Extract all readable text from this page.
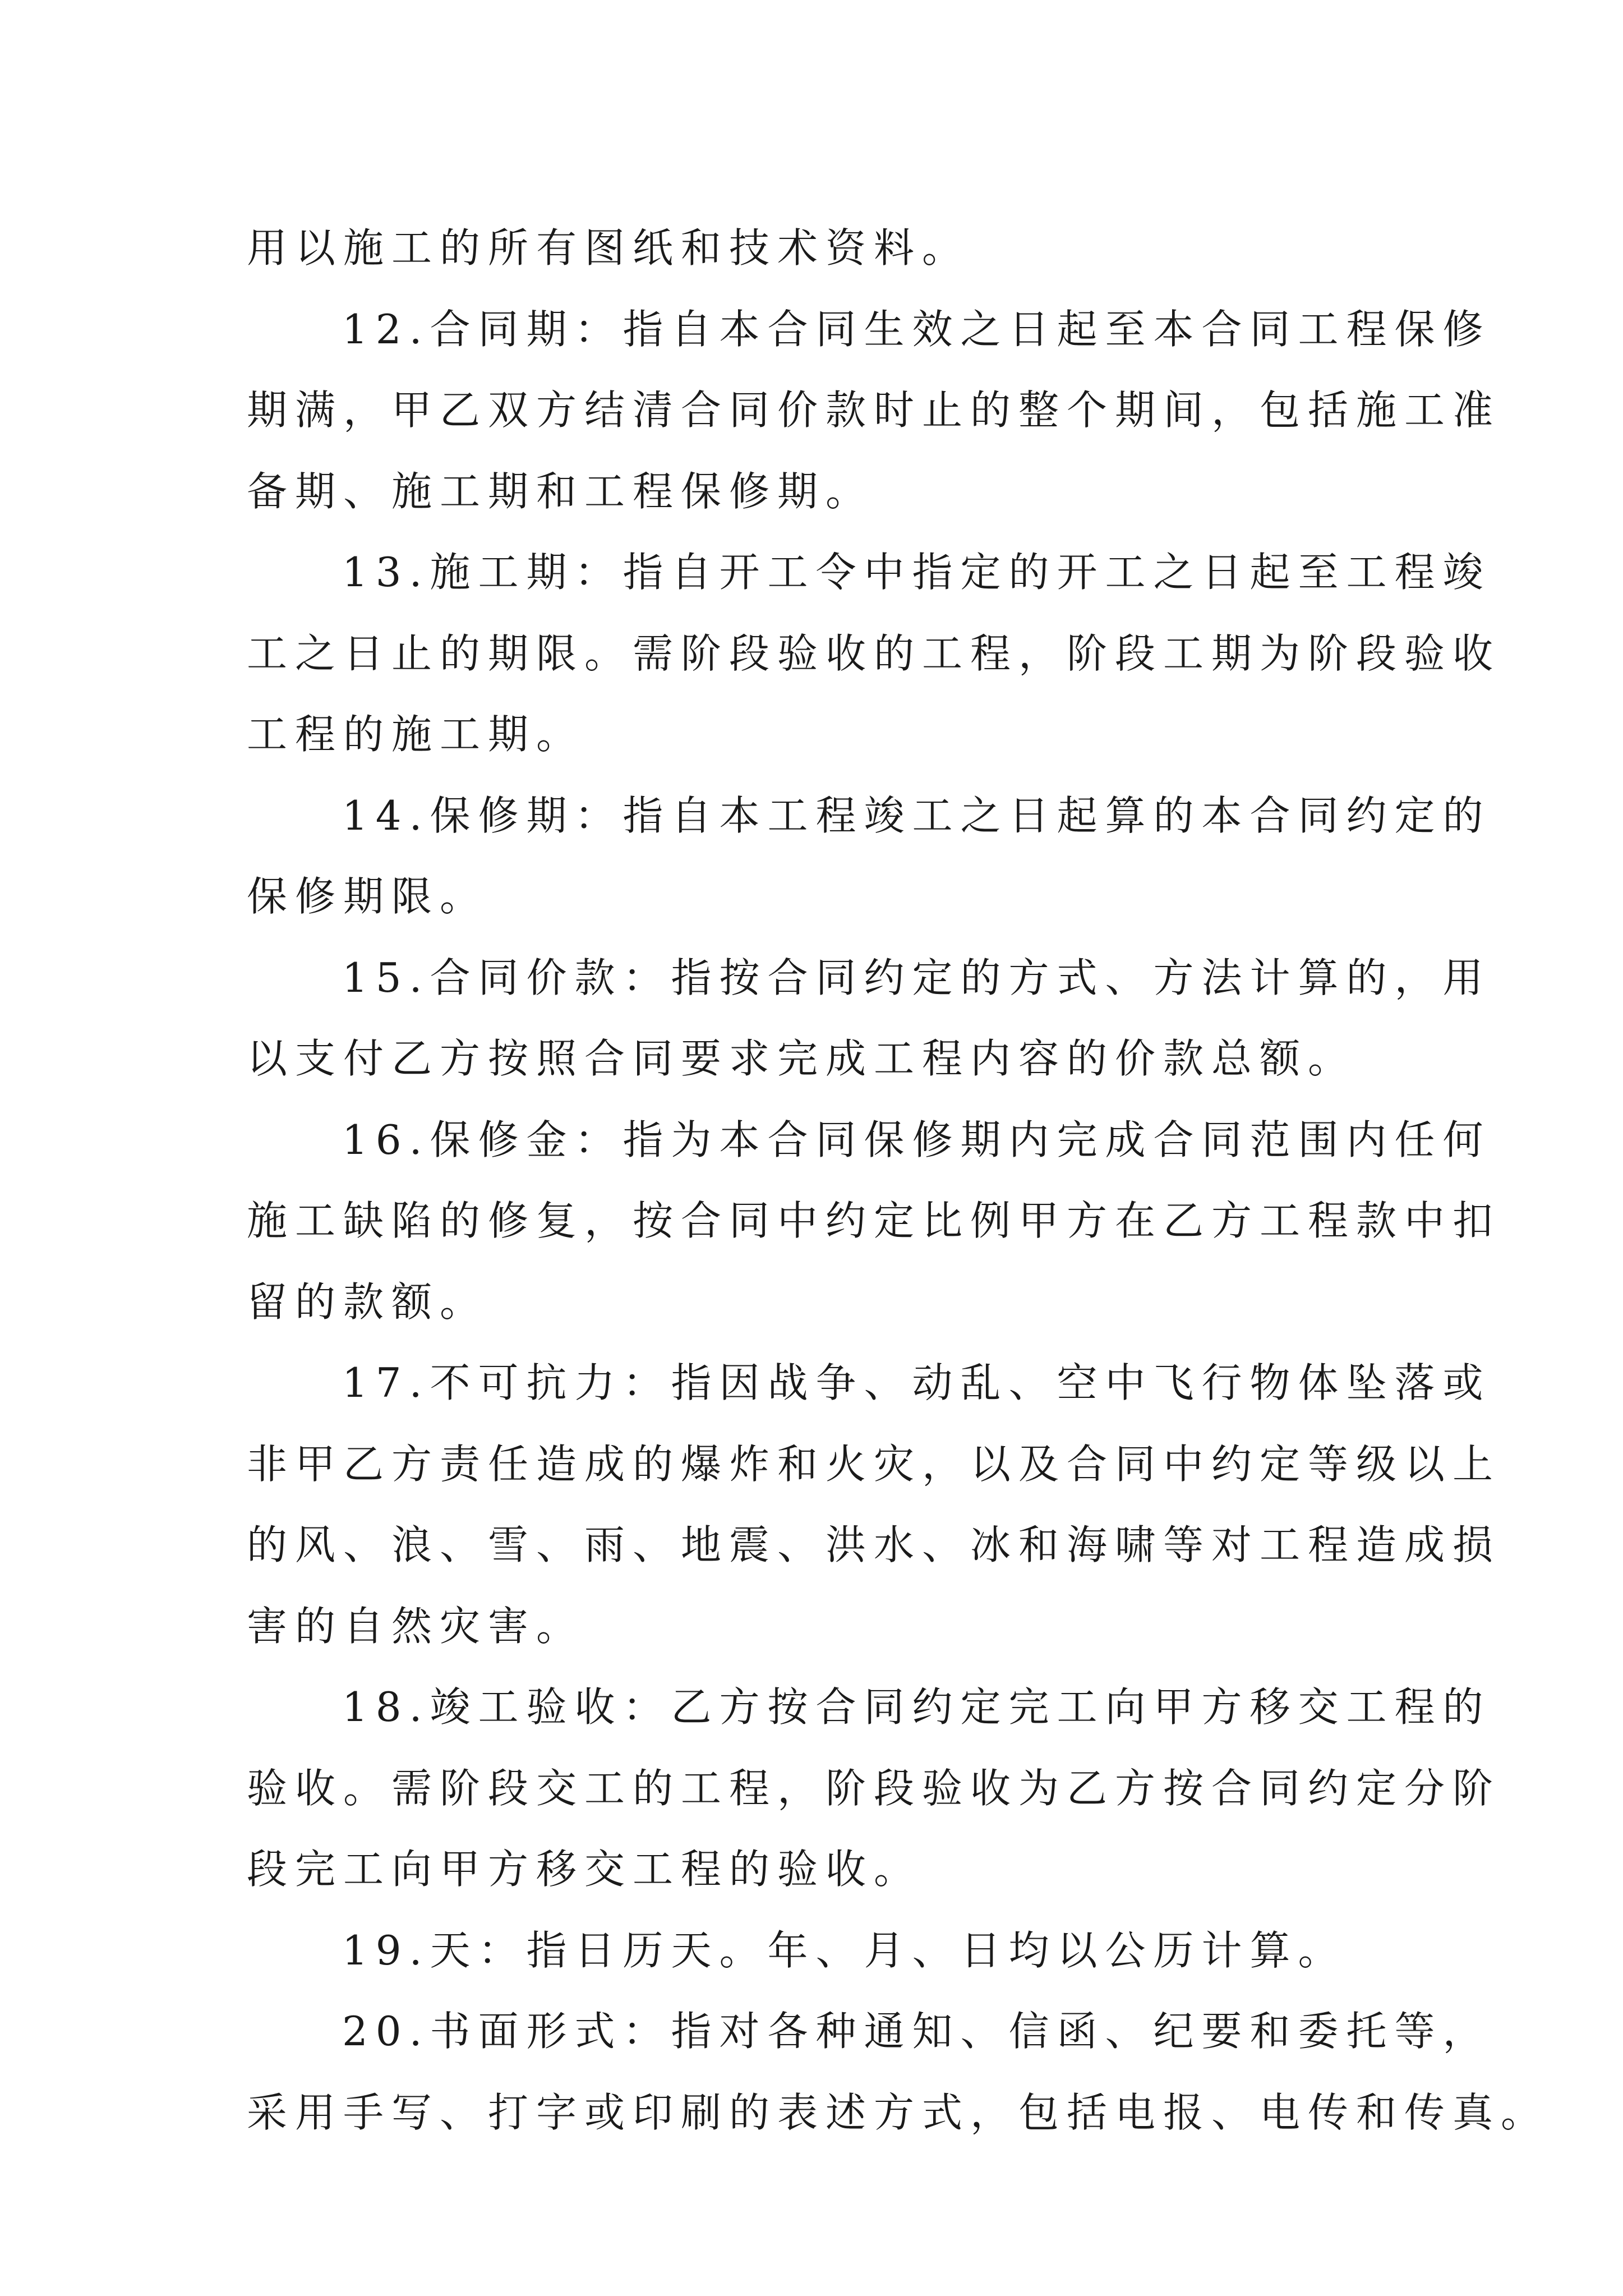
用以施工的所有图纸和技术资料。
12.合同期：指自本合同生效之日起至本合同工程保修
期满，甲乙双方结清合同价款时止的整个期间，包括施工准
备期、施工期和工程保修期。
13.施工期：指自开工令中指定的开工之日起至工程竣
工之日止的期限。需阶段验收的工程，阶段工期为阶段验收
工程的施工期。
14.保修期：指自本工程竣工之日起算的本合同约定的
保修期限。
15.合同价款：指按合同约定的方式、方法计算的，用
以支付乙方按照合同要求完成工程内容的价款总额。
16.保修金：指为本合同保修期内完成合同范围内任何
施工缺陷的修复，按合同中约定比例甲方在乙方工程款中扣
留的款额。
17.不可抗力：指因战争、动乱、空中飞行物体坠落或
非甲乙方责任造成的爆炸和火灾，以及合同中约定等级以上
的风、浪、雪、雨、地震、洪水、冰和海啸等对工程造成损
害的自然灾害。
18.竣工验收：乙方按合同约定完工向甲方移交工程的
验收。需阶段交工的工程，阶段验收为乙方按合同约定分阶
段完工向甲方移交工程的验收。
19.天：指日历天。年、月、日均以公历计算。
20.书面形式：指对各种通知、信函、纪要和委托等，
采用手写、打字或印刷的表述方式，包括电报、电传和传真。
